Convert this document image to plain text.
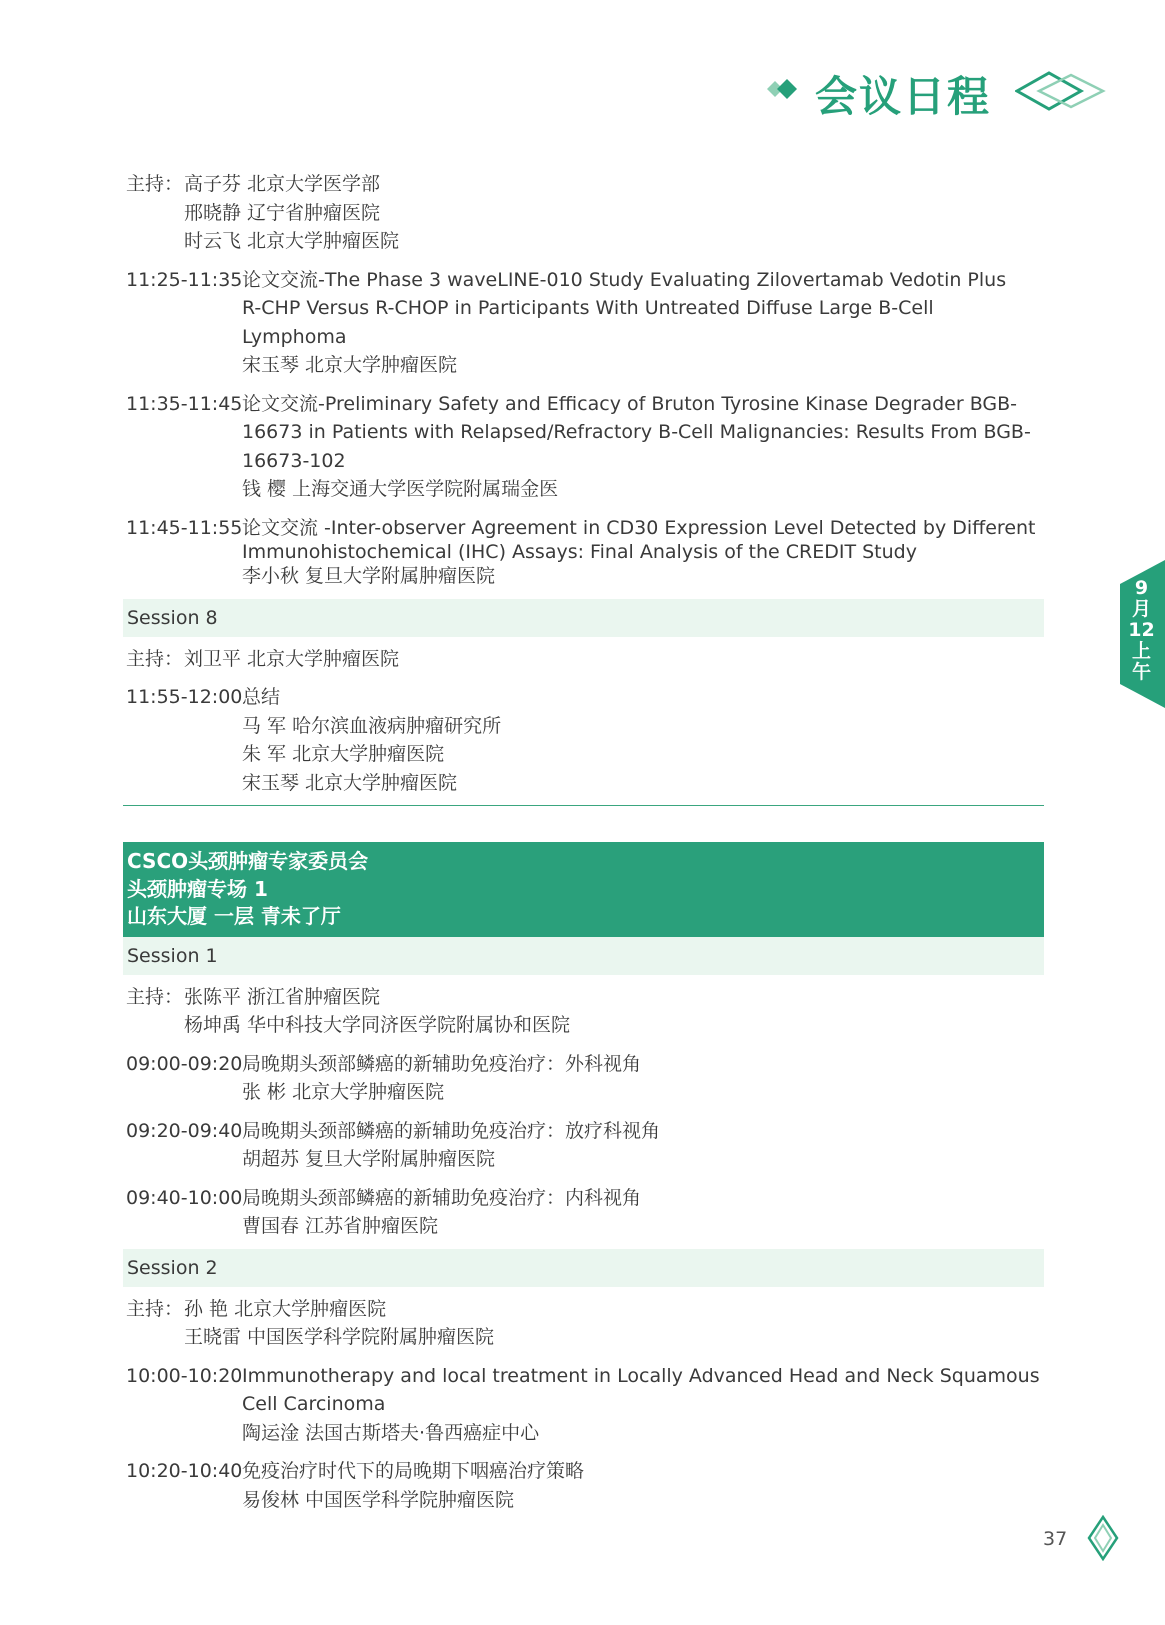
会议日程
9
月
12
上
午
主持： 高子芬 北京大学医学部
邢晓静 辽宁省肿瘤医院
时云飞 北京大学肿瘤医院
11:25-11:35 论文交流-The Phase 3 waveLINE-010 Study Evaluating Zilovertamab Vedotin Plus
R-CHP Versus R-CHOP in Participants With Untreated Diffuse Large B-Cell Lymphoma
宋玉琴 北京大学肿瘤医院
11:35-11:45 论文交流-Preliminary Safety and Efficacy of Bruton Tyrosine Kinase Degrader BGB-
16673 in Patients with Relapsed/Refractory B-Cell Malignancies: Results From BGB-
16673-102
钱 樱 上海交通大学医学院附属瑞金医
11:45-11:55 论文交流 -Inter-observer Agreement in CD30 Expression Level Detected by Different
Immunohistochemical (IHC) Assays: Final Analysis of the CREDIT Study
李小秋 复旦大学附属肿瘤医院
Session 8
主持： 刘卫平 北京大学肿瘤医院
11:55-12:00 总结
马 军 哈尔滨血液病肿瘤研究所
朱 军 北京大学肿瘤医院
宋玉琴 北京大学肿瘤医院
CSCO头颈肿瘤专家委员会
头颈肿瘤专场 1
山东大厦 一层 青未了厅
Session 1
主持： 张陈平 浙江省肿瘤医院
杨坤禹 华中科技大学同济医学院附属协和医院
09:00-09:20 局晚期头颈部鳞癌的新辅助免疫治疗：外科视角
张 彬 北京大学肿瘤医院
09:20-09:40 局晚期头颈部鳞癌的新辅助免疫治疗：放疗科视角
胡超苏 复旦大学附属肿瘤医院
09:40-10:00 局晚期头颈部鳞癌的新辅助免疫治疗：内科视角
曹国春 江苏省肿瘤医院
Session 2
主持： 孙 艳 北京大学肿瘤医院
王晓雷 中国医学科学院附属肿瘤医院
10:00-10:20 Immunotherapy and local treatment in Locally Advanced Head and Neck Squamous
Cell Carcinoma
陶运淦 法国古斯塔夫·鲁西癌症中心
10:20-10:40 免疫治疗时代下的局晚期下咽癌治疗策略
易俊林 中国医学科学院肿瘤医院
37
